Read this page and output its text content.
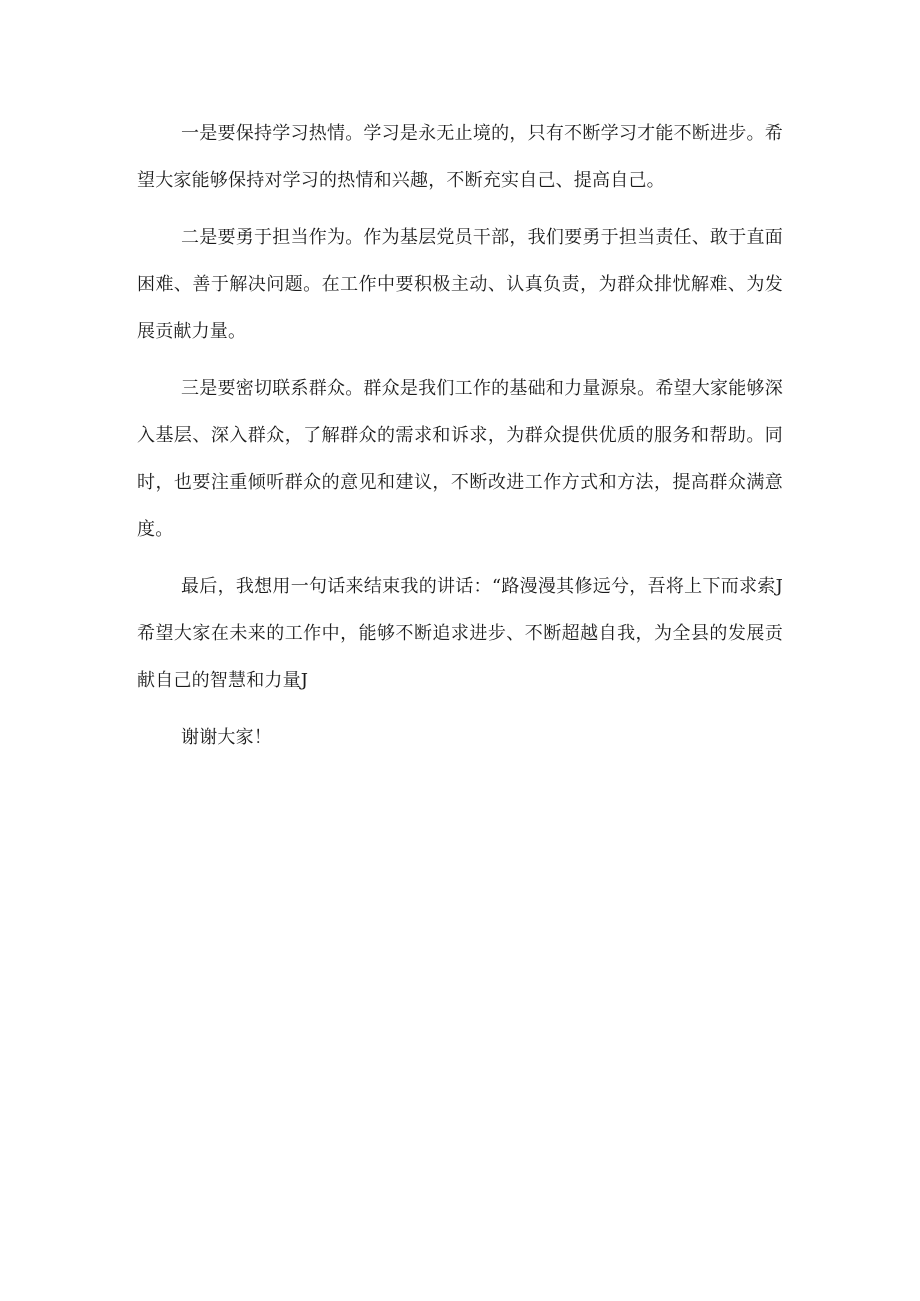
一是要保持学习热情。学习是永无止境的，只有不断学习才能不断进步。希望大家能够保持对学习的热情和兴趣，不断充实自己、提高自己。

二是要勇于担当作为。作为基层党员干部，我们要勇于担当责任、敢于直面困难、善于解决问题。在工作中要积极主动、认真负责，为群众排忧解难、为发展贡献力量。

三是要密切联系群众。群众是我们工作的基础和力量源泉。希望大家能够深入基层、深入群众，了解群众的需求和诉求，为群众提供优质的服务和帮助。同时，也要注重倾听群众的意见和建议，不断改进工作方式和方法，提高群众满意度。

最后，我想用一句话来结束我的讲话：“路漫漫其修远兮，吾将上下而求索J希望大家在未来的工作中，能够不断追求进步、不断超越自我，为全县的发展贡献自己的智慧和力量J

谢谢大家！
